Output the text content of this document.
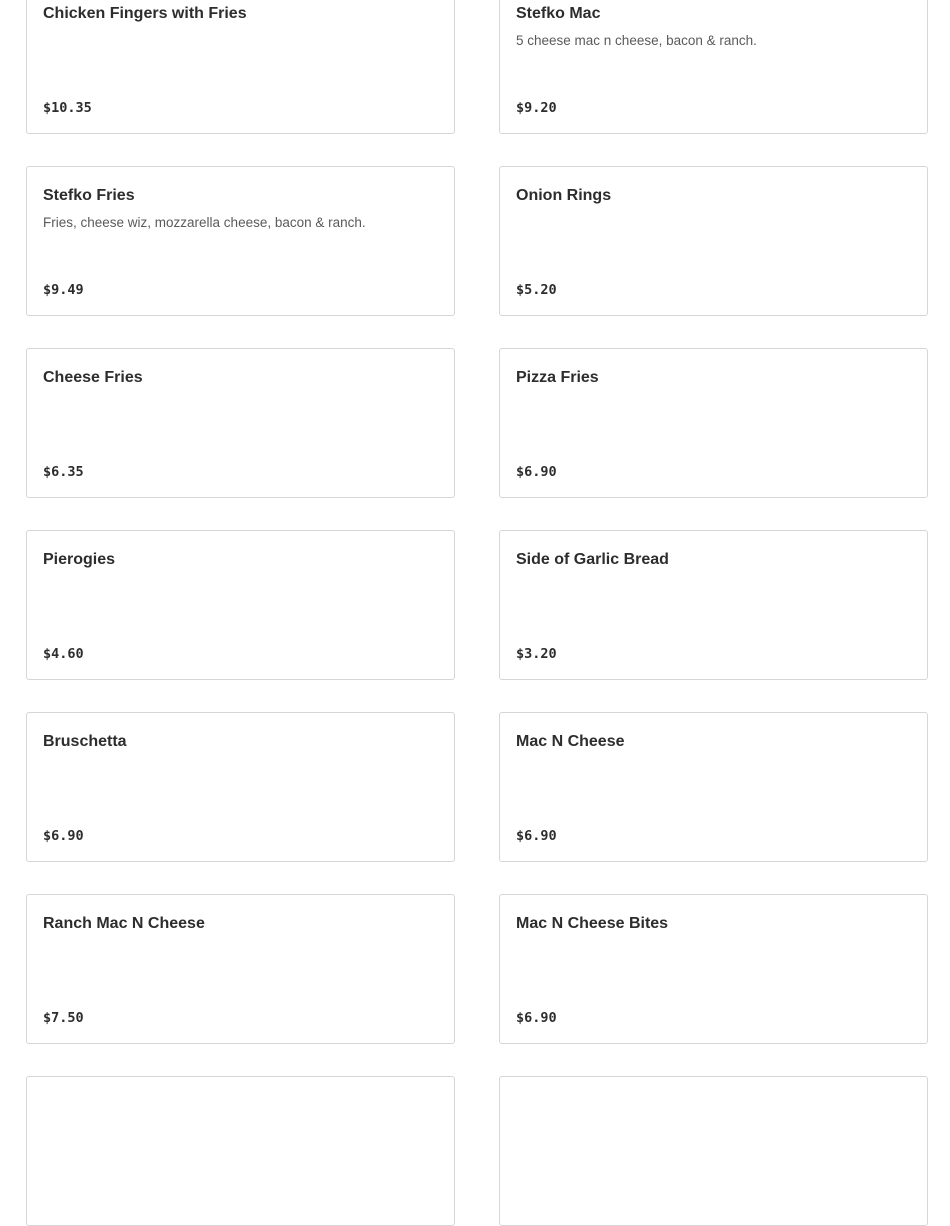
Chicken Fingers with Fries
$10.35
Stefko Mac
5 cheese mac n cheese, bacon & ranch.
$9.20
Stefko Fries
Fries, cheese wiz, mozzarella cheese, bacon & ranch.
$9.49
Onion Rings
$5.20
Cheese Fries
$6.35
Pizza Fries
$6.90
Pierogies
$4.60
Side of Garlic Bread
$3.20
Bruschetta
$6.90
Mac N Cheese
$6.90
Ranch Mac N Cheese
$7.50
Mac N Cheese Bites
$6.90
